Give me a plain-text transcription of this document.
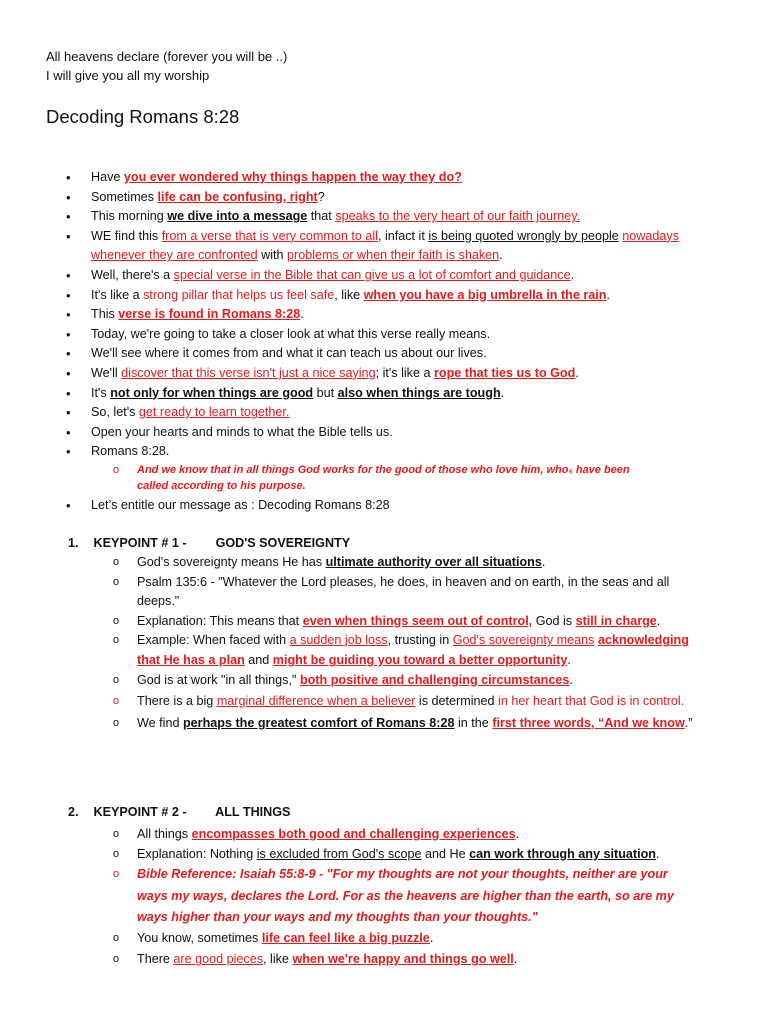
All heavens declare (forever you will be ..)
I will give you all my worship
Decoding Romans 8:28
• Have you ever wondered why things happen the way they do?
• Sometimes life can be confusing, right?
• This morning we dive into a message that speaks to the very heart of our faith journey.
• WE find this from a verse that is very common to all, infact it is being quoted wrongly by people nowadays whenever they are confronted with problems or when their faith is shaken.
• Well, there's a special verse in the Bible that can give us a lot of comfort and guidance.
• It's like a strong pillar that helps us feel safe, like when you have a big umbrella in the rain.
• This verse is found in Romans 8:28.
• Today, we're going to take a closer look at what this verse really means.
• We'll see where it comes from and what it can teach us about our lives.
• We'll discover that this verse isn't just a nice saying; it's like a rope that ties us to God.
• It's not only for when things are good but also when things are tough.
• So, let's get ready to learn together.
• Open your hearts and minds to what the Bible tells us.
• Romans 8:28.
o And we know that in all things God works for the good of those who love him, who₅ have been called according to his purpose.
• Let’s entitle our message as : Decoding Romans 8:28
1. KEYPOINT # 1 - GOD'S SOVEREIGNTY
o God's sovereignty means He has ultimate authority over all situations.
o Psalm 135:6 - "Whatever the Lord pleases, he does, in heaven and on earth, in the seas and all deeps."
o Explanation: This means that even when things seem out of control, God is still in charge.
o Example: When faced with a sudden job loss, trusting in God's sovereignty means acknowledging that He has a plan and might be guiding you toward a better opportunity.
o God is at work "in all things," both positive and challenging circumstances.
o There is a big marginal difference when a believer is determined in her heart that God is in control.
o We find perhaps the greatest comfort of Romans 8:28 in the first three words, “And we know.”
2. KEYPOINT # 2 - ALL THINGS
o All things encompasses both good and challenging experiences.
o Explanation: Nothing is excluded from God's scope and He can work through any situation.
o Bible Reference: Isaiah 55:8-9 - "For my thoughts are not your thoughts, neither are your ways my ways, declares the Lord. For as the heavens are higher than the earth, so are my ways higher than your ways and my thoughts than your thoughts."
o You know, sometimes life can feel like a big puzzle.
o There are good pieces, like when we're happy and things go well.
